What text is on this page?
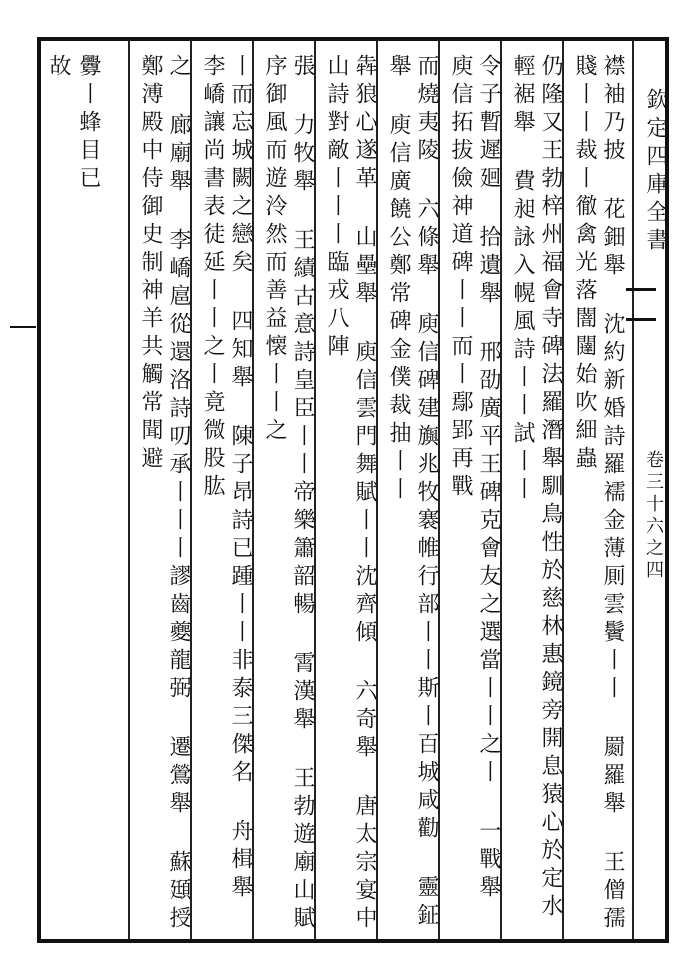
欽定四庫全書
卷三十六之四
襟袖乃披 花鈿舉 沈約新婚詩羅襦金薄厠雲鬢丨丨 罽羅舉 王僧孺賤丨丨裁丨徹禽光落闇闥始吹細蟲
仍隆又王勃梓州福會寺碑法羅潛舉馴鳥性於慈林惠鏡旁開息猿心於定水 輕裾舉 費昶詠入幌風詩丨丨試丨丨
令子暫遲廻 拾遺舉 邢劭廣平王碑克會友之選當丨丨之丨 一戰舉 庾信拓拔儉神道碑丨丨而丨鄢郢再戰
而燒夷陵 六條舉 庾信碑建旟兆牧褰帷行部丨丨斯丨百城咸勸 靈鉦舉 庾信廣饒公鄭常碑金僕裁抽丨丨
犇狼心遂革 山壘舉 庾信雲門舞賦丨丨沈齊傾 六奇舉 唐太宗宴中山詩對敵丨丨丨臨戎八陣
張 力牧舉 王績古意詩皇臣丨丨帝樂簫韶暢 霄漢舉 王勃遊廟山賦序御風而遊泠然而善益懐丨丨之
丨而忘城闕之戀矣 四知舉 陳子昂詩已踵丨丨非泰三傑名 舟楫舉 李嶠讓尚書表徒延丨丨之丨竟微股肱
之 廊廟舉 李嶠扈從還洛詩叨承丨丨丨謬齒夔龍弼 遷鶯舉 蘇頲授鄭溥殿中侍御史制神羊共觸常聞避
釁丨蜂目已
故
